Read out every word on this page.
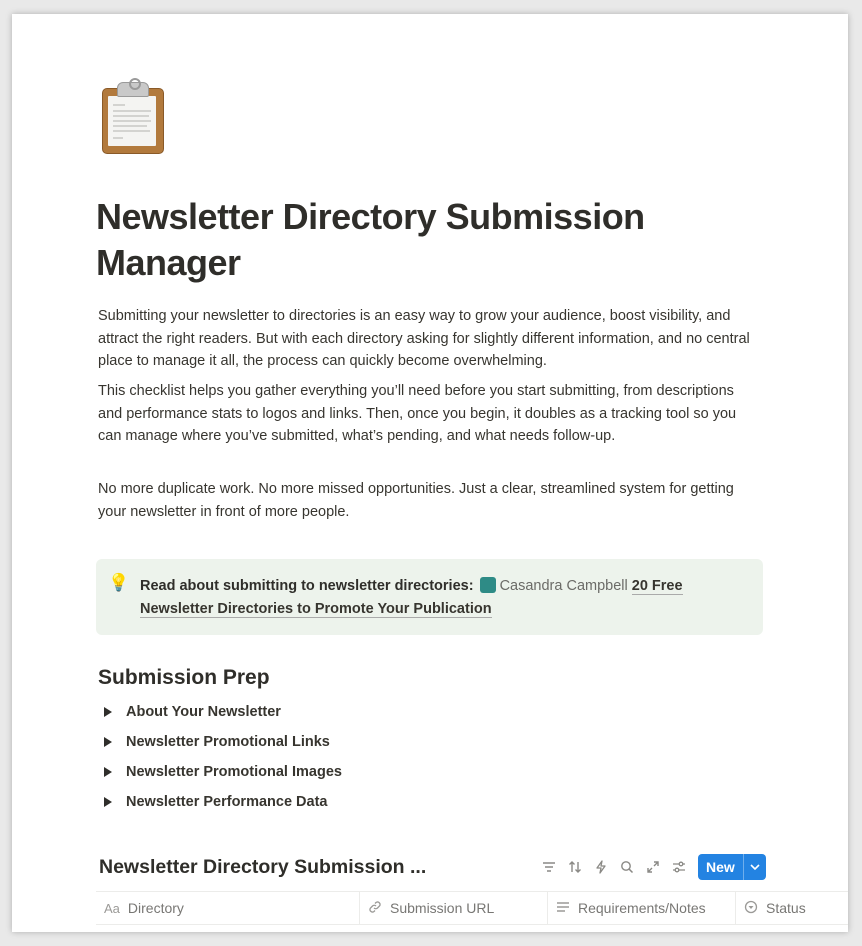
Newsletter Directory Submission Manager

Submitting your newsletter to directories is an easy way to grow your audience, boost visibility, and attract the right readers. But with each directory asking for slightly different information, and no central place to manage it all, the process can quickly become overwhelming.

This checklist helps you gather everything you’ll need before you start submitting, from descriptions and performance stats to logos and links. Then, once you begin, it doubles as a tracking tool so you can manage where you’ve submitted, what’s pending, and what needs follow-up.

No more duplicate work. No more missed opportunities. Just a clear, streamlined system for getting your newsletter in front of more people.

💡 Read about submitting to newsletter directories: Casandra Campbell 20 Free Newsletter Directories to Promote Your Publication
Submission Prep
About Your Newsletter
Newsletter Promotional Links
Newsletter Promotional Images
Newsletter Performance Data
Newsletter Directory Submission ...	New
Aa Directory	Submission URL	Requirements/Notes	Status
